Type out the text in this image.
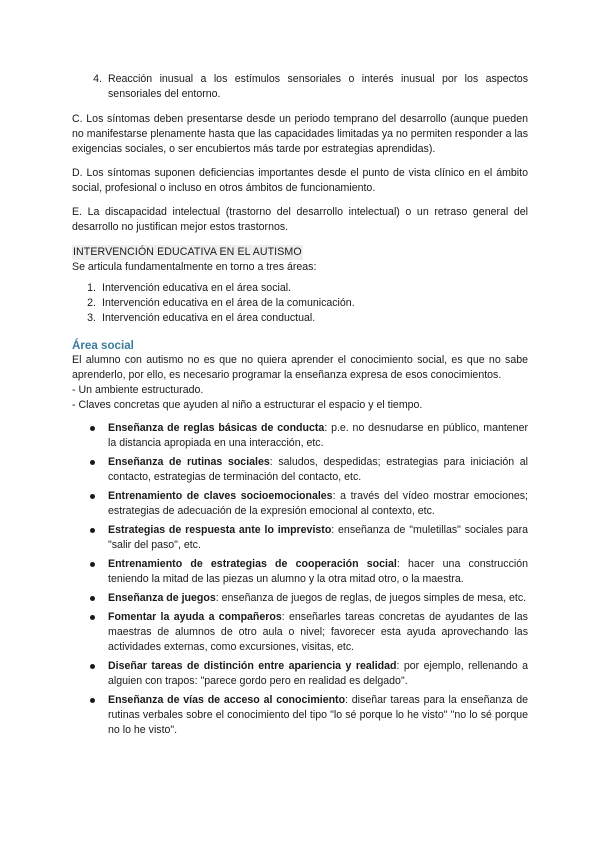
4. Reacción inusual a los estímulos sensoriales o interés inusual por los aspectos sensoriales del entorno.

C. Los síntomas deben presentarse desde un periodo temprano del desarrollo (aunque pueden no manifestarse plenamente hasta que las capacidades limitadas ya no permiten responder a las exigencias sociales, o ser encubiertos más tarde por estrategias aprendidas).

D. Los síntomas suponen deficiencias importantes desde el punto de vista clínico en el ámbito social, profesional o incluso en otros ámbitos de funcionamiento.

E. La discapacidad intelectual (trastorno del desarrollo intelectual) o un retraso general del desarrollo no justifican mejor estos trastornos.

INTERVENCIÓN EDUCATIVA EN EL AUTISMO

Se articula fundamentalmente en torno a tres áreas:

1. Intervención educativa en el área social.
2. Intervención educativa en el área de la comunicación.
3. Intervención educativa en el área conductual.
Área social

El alumno con autismo no es que no quiera aprender el conocimiento social, es que no sabe aprenderlo, por ello, es necesario programar la enseñanza expresa de esos conocimientos.

- Un ambiente estructurado.

- Claves concretas que ayuden al niño a estructurar el espacio y el tiempo.

Enseñanza de reglas básicas de conducta: p.e. no desnudarse en público, mantener la distancia apropiada en una interacción, etc.
Enseñanza de rutinas sociales: saludos, despedidas; estrategias para iniciación al contacto, estrategias de terminación del contacto, etc.
Entrenamiento de claves socioemocionales: a través del vídeo mostrar emociones; estrategias de adecuación de la expresión emocional al contexto, etc.
Estrategias de respuesta ante lo imprevisto: enseñanza de "muletillas" sociales para "salir del paso", etc.
Entrenamiento de estrategias de cooperación social: hacer una construcción teniendo la mitad de las piezas un alumno y la otra mitad otro, o la maestra.
Enseñanza de juegos: enseñanza de juegos de reglas, de juegos simples de mesa, etc.
Fomentar la ayuda a compañeros: enseñarles tareas concretas de ayudantes de las maestras de alumnos de otro aula o nivel; favorecer esta ayuda aprovechando las actividades externas, como excursiones, visitas, etc.
Diseñar tareas de distinción entre apariencia y realidad: por ejemplo, rellenando a alguien con trapos: "parece gordo pero en realidad es delgado".
Enseñanza de vías de acceso al conocimiento: diseñar tareas para la enseñanza de rutinas verbales sobre el conocimiento del tipo "lo sé porque lo he visto" "no lo sé porque no lo he visto".
